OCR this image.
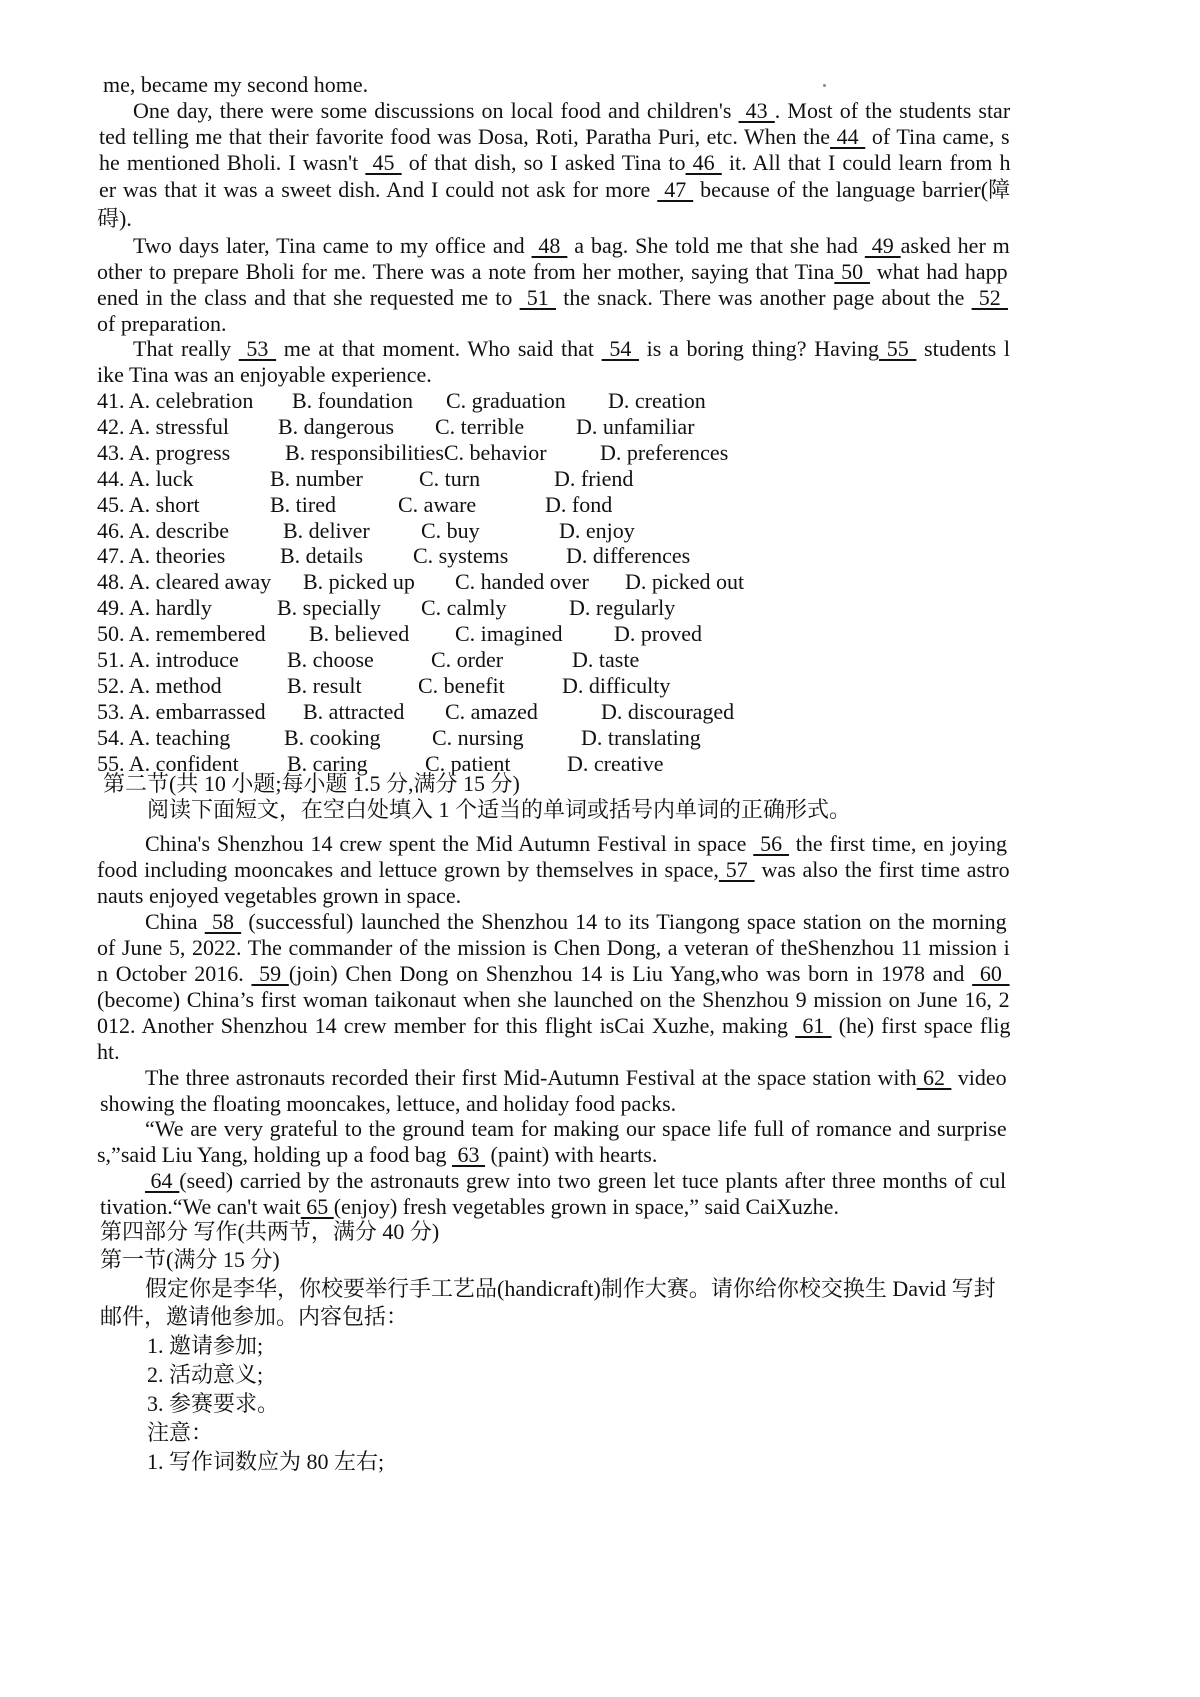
me, became my second home.
One day, there were some discussions on local food and children's  43 . Most of the students star
ted telling me that their favorite food was Dosa, Roti, Paratha Puri, etc. When the 44  of Tina came, s
he mentioned Bholi. I wasn't  45  of that dish, so I asked Tina to 46  it. All that I could learn from h
er was that it was a sweet dish. And I could not ask for more  47  because of the language barrier(障
碍).
Two days later, Tina came to my office and  48  a bag. She told me that she had  49 asked her m
other to prepare Bholi for me. There was a note from her mother, saying that Tina 50  what had happ
ened in the class and that she requested me to  51  the snack. There was another page about the  52
of preparation.
That really  53  me at that moment. Who said that  54  is a boring thing? Having 55  students l
ike Tina was an enjoyable experience.
41. A. celebration B. foundation C. graduation D. creation
42. A. stressful B. dangerous C. terrible D. unfamiliar
43. A. progress B. responsibilitiesC. behavior D. preferences
44. A. luck	B. number	C. turn	D. friend
45. A. short	B. tired	C. aware	D. fond
46. A. describe B. deliver C. buy	D. enjoy
47. A. theories B. details C. systems	D. differences
48. A. cleared away B. picked up C. handed over D. picked out
49. A. hardly	B. specially C. calmly	D. regularly
50. A. remembered B. believed C. imagined D. proved
51. A. introduce B. choose	C. order	D. taste
52. A. method	B. result	C. benefit	D. difficulty
53. A. embarrassed B. attracted C. amazed	D. discouraged
54. A. teaching B. cooking C. nursing	D. translating
55. A. confident B. caring	C. patient	D. creative
第二节(共 10 小题;每小题 1.5 分,满分 15 分)
阅读下面短文，在空白处填入 1 个适当的单词或括号内单词的正确形式。
China's Shenzhou 14 crew spent the Mid Autumn Festival in space  56  the first time, en joying
food including mooncakes and lettuce grown by themselves in space, 57  was also the first time astro
nauts enjoyed vegetables grown in space.
China  58  (successful) launched the Shenzhou 14 to its Tiangong space station on the morning
of June 5, 2022. The commander of the mission is Chen Dong, a veteran of theShenzhou 11 mission i
n October 2016.  59 (join) Chen Dong on Shenzhou 14 is Liu Yang,who was born in 1978 and  60
(become) China’s first woman taikonaut when she launched on the Shenzhou 9 mission on June 16, 2
012. Another Shenzhou 14 crew member for this flight isCai Xuzhe, making  61  (he) first space flig
ht.
The three astronauts recorded their first Mid-Autumn Festival at the space station with 62  video
showing the floating mooncakes, lettuce, and holiday food packs.
“We are very grateful to the ground team for making our space life full of romance and surprise
s,”said Liu Yang, holding up a food bag  63  (paint) with hearts.
64 (seed) carried by the astronauts grew into two green let tuce plants after three months of cul
tivation.“We can't wait 65 (enjoy) fresh vegetables grown in space,” said CaiXuzhe.
第四部分 写作(共两节，满分 40 分)
第一节(满分 15 分)
假定你是李华，你校要举行手工艺品(handicraft)制作大赛。请你给你校交换生 David 写封
邮件，邀请他参加。内容包括：
1. 邀请参加;
2. 活动意义;
3. 参赛要求。
注意：
1. 写作词数应为 80 左右;
